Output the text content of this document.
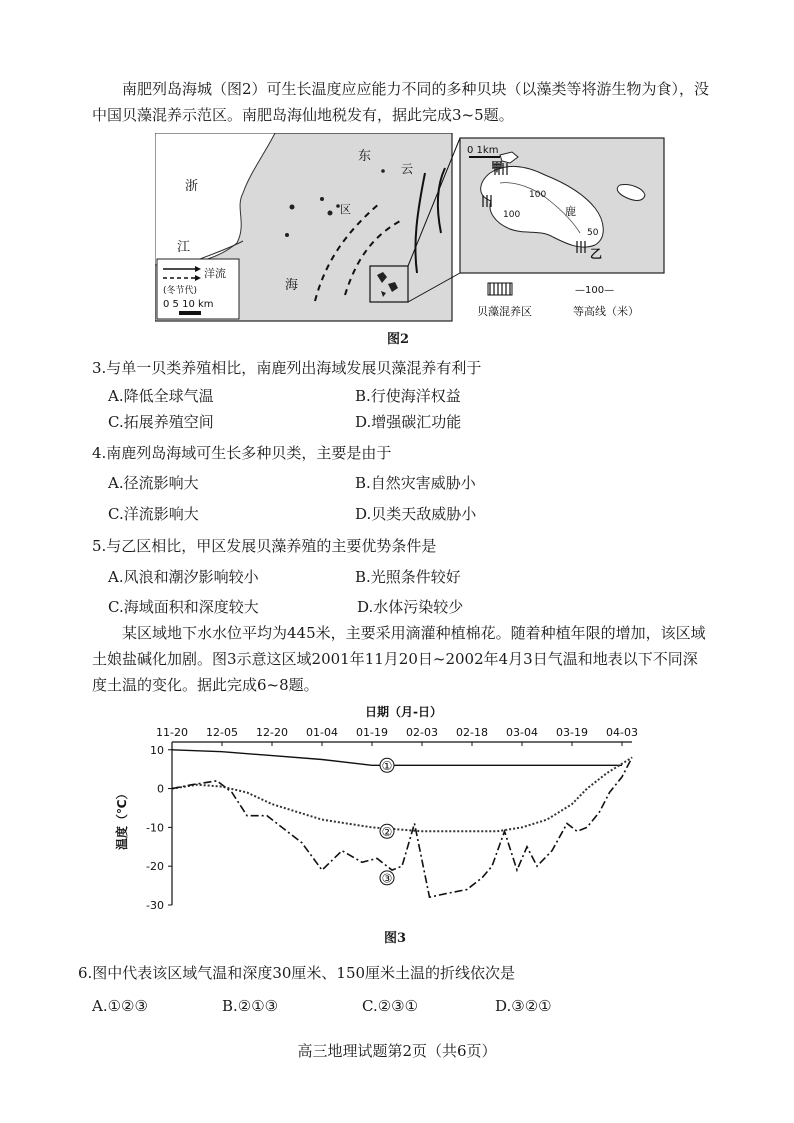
南肥列岛海城（图2）可生长温度应应能力不同的多种贝块（以藻类等将游生物为食），没中国贝藻混养示范区。南肥岛海仙地税发有，据此完成3~5题。

浙
江
海
东
云
区
洋流
(冬节代)
0 5 10 km
0 1km
甲
乙
100
100
50
鹿
贝藻混养区
—100—
等高线（米）
图2
3.与单一贝类养殖相比，南鹿列出海域发展贝藻混养有利于
A.降低全球气温	B.行使海洋权益
C.拓展养殖空间	D.增强碳汇功能
4.南鹿列岛海域可生长多种贝类，主要是由于
A.径流影响大	B.自然灾害威胁小
C.洋流影响大	D.贝类天敌威胁小
5.与乙区相比，甲区发展贝藻养殖的主要优势条件是
A.风浪和潮汐影响较小	B.光照条件较好
C.海域面积和深度较大	D.水体污染较少

某区域地下水水位平均为445米，主要采用滴灌种植棉花。随着种植年限的增加，该区域土娘盐碱化加剧。图3示意这区域2001年11月20日~2002年4月3日气温和地表以下不同深度土温的变化。据此完成6~8题。

日期（月-日）
温度（℃）
11-20 12-05 12-20 01-04 01-19 02-03 02-18 03-04 03-19 04-03
10
0
-10
-20
-30
①
②
③
图3
6.图中代表该区域气温和深度30厘米、150厘米土温的折线依次是
A.①②③	B.②①③	C.②③①	D.③②①
高三地理试题第2页（共6页）
